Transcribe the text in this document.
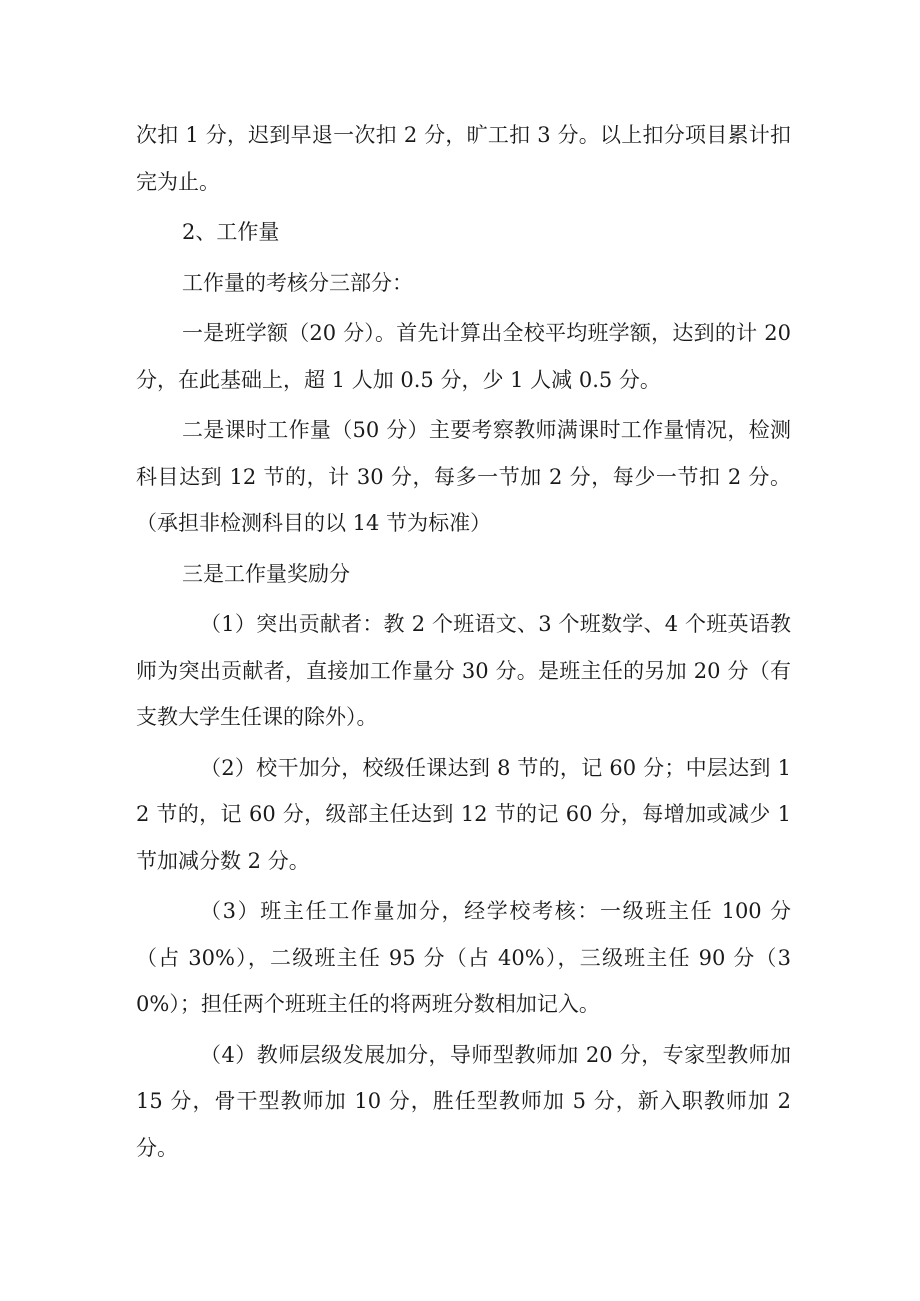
次扣 1 分，迟到早退一次扣 2 分，旷工扣 3 分。以上扣分项目累计扣完为止。

2、工作量

工作量的考核分三部分：

一是班学额（20 分）。首先计算出全校平均班学额，达到的计 20 分，在此基础上，超 1 人加 0.5 分，少 1 人减 0.5 分。

二是课时工作量（50 分）主要考察教师满课时工作量情况，检测科目达到 12 节的，计 30 分，每多一节加 2 分，每少一节扣 2 分。（承担非检测科目的以 14 节为标准）

三是工作量奖励分

（1）突出贡献者：教 2 个班语文、3 个班数学、4 个班英语教师为突出贡献者，直接加工作量分 30 分。是班主任的另加 20 分（有支教大学生任课的除外）。

（2）校干加分，校级任课达到 8 节的，记 60 分；中层达到 12 节的，记 60 分，级部主任达到 12 节的记 60 分，每增加或减少 1 节加减分数 2 分。

（3）班主任工作量加分，经学校考核：一级班主任 100 分（占 30%），二级班主任 95 分（占 40%），三级班主任 90 分（30%）；担任两个班班主任的将两班分数相加记入。

（4）教师层级发展加分，导师型教师加 20 分，专家型教师加 15 分，骨干型教师加 10 分，胜任型教师加 5 分，新入职教师加 2 分。
